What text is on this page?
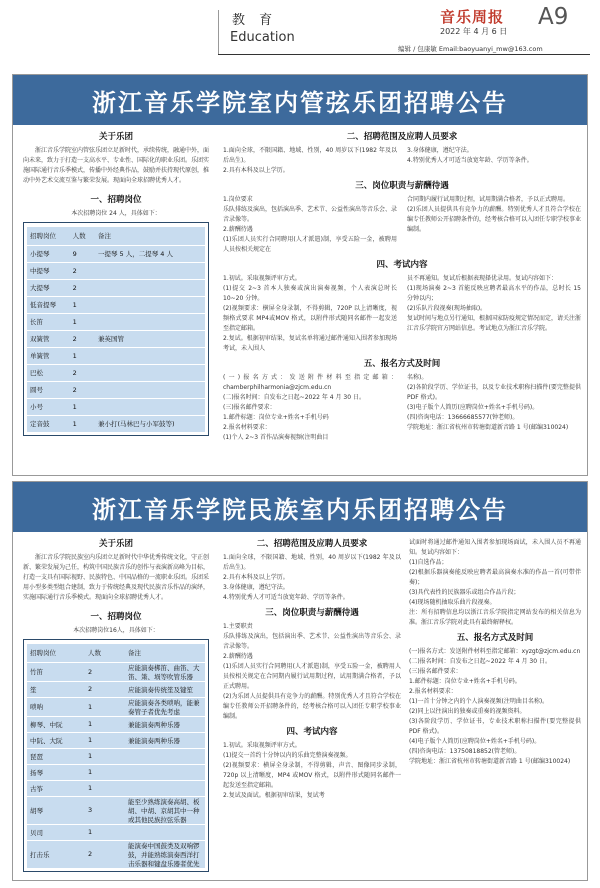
教 育
Education
音乐周报
2022 年 4 月 6 日
A9
编辑 / 包康敏 Email:baoyuanyi_mw@163.com
浙江音乐学院室内管弦乐团招聘公告
关于乐团
浙江音乐学院室内管弦乐团立足新时代，承续传统，融通中外，面向未来，致力于打造一支高水平、专业性、国际化的职业乐团。乐团实施国际通行音乐季模式，传播中外经典作品，鼓励并扶持现代原创，推动中外艺术交流互鉴与繁荣发展。现面向全球招聘优秀人才。
一、招聘岗位
本次招聘岗位 24 人，具体如下：
招聘岗位	人数	备注
小提琴	9	一提琴 5 人，二提琴 4 人
中提琴	2	
大提琴	2	
低音提琴	1	
长笛	1	
双簧管	2	兼英国管
单簧管	1	
巴松	2	
圆号	2	
小号	1	
定音鼓	1	兼小打(马林巴与小军鼓等)
二、招聘范围及应聘人员要求
1.面向全球，不限国籍、地域、性别，40 周岁以下(1982 年及以后出生)。
2.具有本科及以上学历。
3.身体健康，遵纪守法。
4.特别优秀人才可适当放宽年龄、学历等条件。
三、岗位职责与薪酬待遇
1.岗位要求
乐队排练及演出，包括演出季、艺术节、公益性演出等音乐会、录音录像等。
2.薪酬待遇
(1)乐团人员实行合同聘用(人才派遣)制，享受五险一金，被聘用人员按相关规定在
合同期内履行试用期过程，试用期满合格者，予以正式聘用。
(2)乐团人员提供具有竞争力的薪酬。特别优秀人才且符合学校在编专任教师公开招聘条件的，经考核合格可以入团任专职学校事业编制。
四、考试内容
1.初试。采取视频评审方式。
(1)提交 2~3 首本人独奏或演出演奏视频，个人表演总时长 10~20 分钟。
(2)视频要求：横屏全身录制，不得剪辑，720P 以上清晰度，视频格式要求 MP4或MOV 格式，以附件形式随同名邮件一起发送至指定邮箱。
2.复试。根据初审结果，复试名单将通过邮件通知入围者参加现场考试，未入围人
员不再通知。复试后根据表现择优录用。复试内容如下：
(1)现场演奏 2~3 首能反映应聘者最高水平的作品，总时长 15 分钟以内；
(2)乐队片段视奏(现场抽取)。
复试时间与地点另行通知，根据国家防疫规定情况而定，请关注浙江音乐学院官方网站信息。考试地点为浙江音乐学院。
五、报名方式及时间
(一)报名方式：发送附件材料至指定邮箱：chamberphilharmonia@zjcm.edu.cn
(二)报名时间：自发布之日起~2022 年 4 月 30 日。
(三)报名邮件要求：
1.邮件标题：岗位专业+姓名+手机号码
2.报名材料要求：
(1)个人 2~3 首作品演奏视频(注明曲目
名称)。
(2)各阶段学历、学位证书，以及专业技术职称扫描件(要完整提供PDF 格式)。
(3)电子版个人简历(应聘岗位+姓名+手机号码)。
(四)咨询电话：13666685577(钟老师)。
学院地址：浙江省杭州市转塘街道新音路 1 号(邮编310024)
浙江音乐学院民族室内乐团招聘公告
关于乐团
浙江音乐学院民族室内乐团立足新时代中华优秀传统文化，守正创新、繁荣发展为己任，构筑中国民族音乐的创作与表演新高峰为目标，打造一支具有国际视野、民族特色、中国品格的一流职业乐团。乐团采用小型多类型组合建制，致力于传统经典及现代民族音乐作品的演绎，实施国际通行音乐季模式。现面向全球招聘优秀人才。
一、招聘岗位
本次招聘岗位16人，具体如下：
招聘岗位	人数	备注
竹笛	2	应能演奏梆笛、曲笛、大笛、箫、埙等吹管乐器
笙	2	应能演奏传统笙及键笙
唢呐	1	应能演奏各类唢呐，能兼奏管子者优先考虑
柳琴、中阮	1	兼能演奏两种乐器
中阮、大阮	1	兼能演奏两种乐器
琵琶	1	
扬琴	1	
古筝	1	
胡琴	3	能至少熟练演奏高胡、板胡、中胡、京胡其中一种或其他民族拉弦乐器
贝司	1	
打击乐	2	能演奏中国鼓类及双响锣鼓，并能熟练演奏西洋打击乐器和键盘乐器者优先
二、招聘范围及应聘人员要求
1.面向全球，不限国籍、地域、性别，40 周岁以下(1982 年及以后出生)。
2.具有本科及以上学历。
3.身体健康，遵纪守法。
4.特别优秀人才可适当放宽年龄、学历等条件。
三、岗位职责与薪酬待遇
1.主要职责
乐队排练及演出，包括演出季、艺术节、公益性演出等音乐会、录音录像等。
2.薪酬待遇
(1)乐团人员实行合同聘用(人才派遣)制，享受五险一金，被聘用人员按相关规定在合同期内履行试用期过程，试用期满合格者，予以正式聘用。
(2)为乐团人员提供具有竞争力的薪酬。特别优秀人才且符合学校在编专任教师公开招聘条件的，经考核合格可以入团任专职学校事业编制。
四、考试内容
1.初试。采取视频评审方式。
(1)提交一首约十分钟以内的乐曲完整演奏视频。
(2)视频要求：横屏全身录制，不得剪辑，声音、图像同步录制，720p 以上清晰度，MP4 或MOV 格式，以附件形式随同名邮件一起发送至指定邮箱。
2.复试及面试。根据初审结果，复试考
试面时将通过邮件通知入围者参加现场面试，未入围人员不再通知。复试内容如下：
(1)自选作品；
(2)根据乐器演奏能反映应聘者最高演奏水准的作品一首(可带伴奏)；
(3)具代表性的民族器乐或组合作品片段；
(4)现场随机抽取乐曲片段视奏。
注：所有招聘信息均以浙江音乐学院指定网站发布的相关信息为准。浙江音乐学院对此具有最终解释权。
五、报名方式及时间
(一)报名方式：发送附件材料至指定邮箱：xyzgt@zjcm.edu.cn
(二)报名时间：自发布之日起~2022 年 4 月 30 日。
(三)报名邮件要求：
1.邮件标题：岗位专业+姓名+手机号码。
2.报名材料要求：
(1)一首十分钟之内的个人演奏视频(注明曲目名称)。
(2)同上以往演出的独奏或重奏的视频资料。
(3)各阶段学历、学位证书，专业技术职称扫描件(要完整提供PDF 格式)。
(4)电子版个人简历(应聘岗位+姓名+手机号码)。
(四)咨询电话：13750818852(管老师)。
学院地址：浙江省杭州市转塘街道新音路 1 号(邮编310024)
